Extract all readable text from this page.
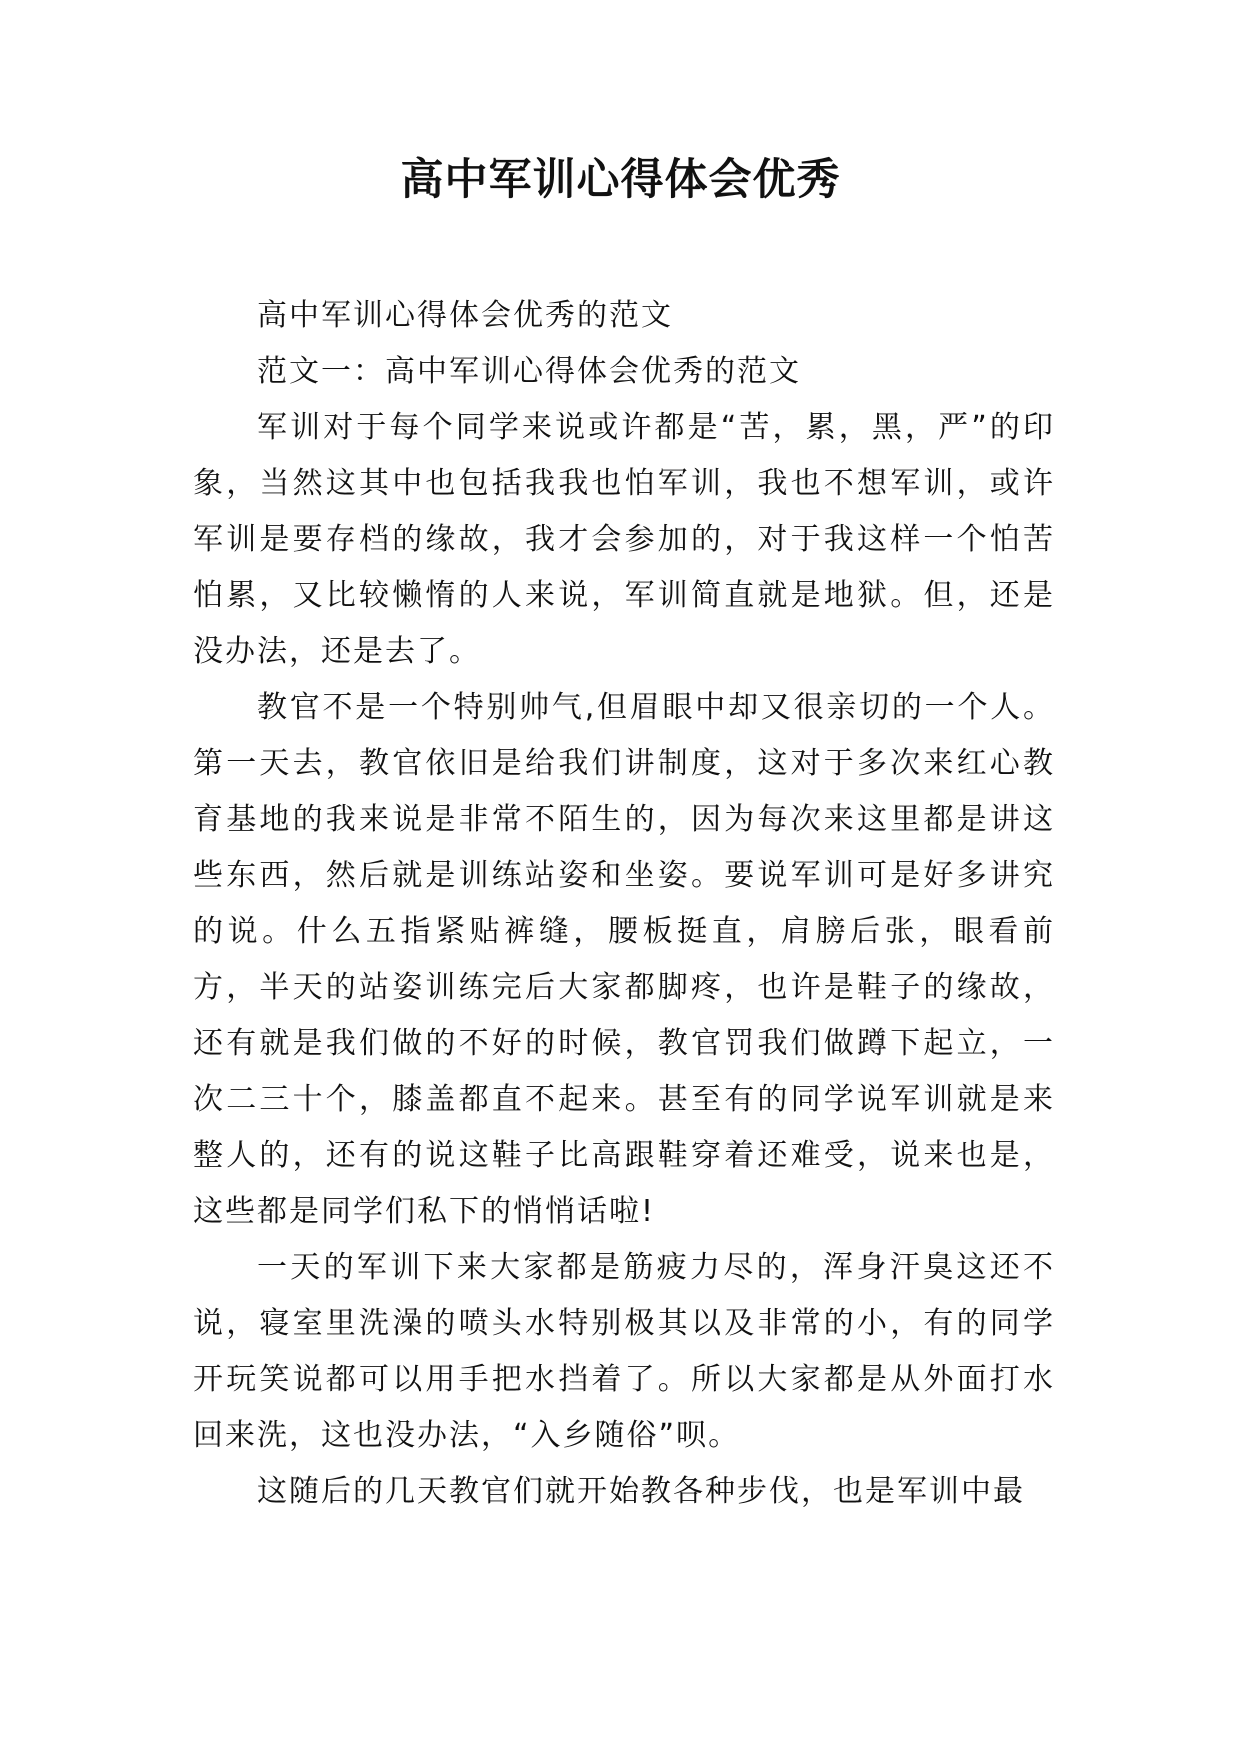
高中军训心得体会优秀

高中军训心得体会优秀的范文

范文一：高中军训心得体会优秀的范文

军训对于每个同学来说或许都是“苦，累，黑，严”的印象，当然这其中也包括我我也怕军训，我也不想军训，或许军训是要存档的缘故，我才会参加的，对于我这样一个怕苦怕累，又比较懒惰的人来说，军训简直就是地狱。但，还是没办法，还是去了。

教官不是一个特别帅气,但眉眼中却又很亲切的一个人。第一天去，教官依旧是给我们讲制度，这对于多次来红心教育基地的我来说是非常不陌生的，因为每次来这里都是讲这些东西，然后就是训练站姿和坐姿。要说军训可是好多讲究的说。什么五指紧贴裤缝，腰板挺直，肩膀后张，眼看前方，半天的站姿训练完后大家都脚疼，也许是鞋子的缘故，还有就是我们做的不好的时候，教官罚我们做蹲下起立，一次二三十个，膝盖都直不起来。甚至有的同学说军训就是来整人的，还有的说这鞋子比高跟鞋穿着还难受，说来也是，这些都是同学们私下的悄悄话啦!

一天的军训下来大家都是筋疲力尽的，浑身汗臭这还不说，寝室里洗澡的喷头水特别极其以及非常的小，有的同学开玩笑说都可以用手把水挡着了。所以大家都是从外面打水回来洗，这也没办法，“入乡随俗”呗。

这随后的几天教官们就开始教各种步伐，也是军训中最
